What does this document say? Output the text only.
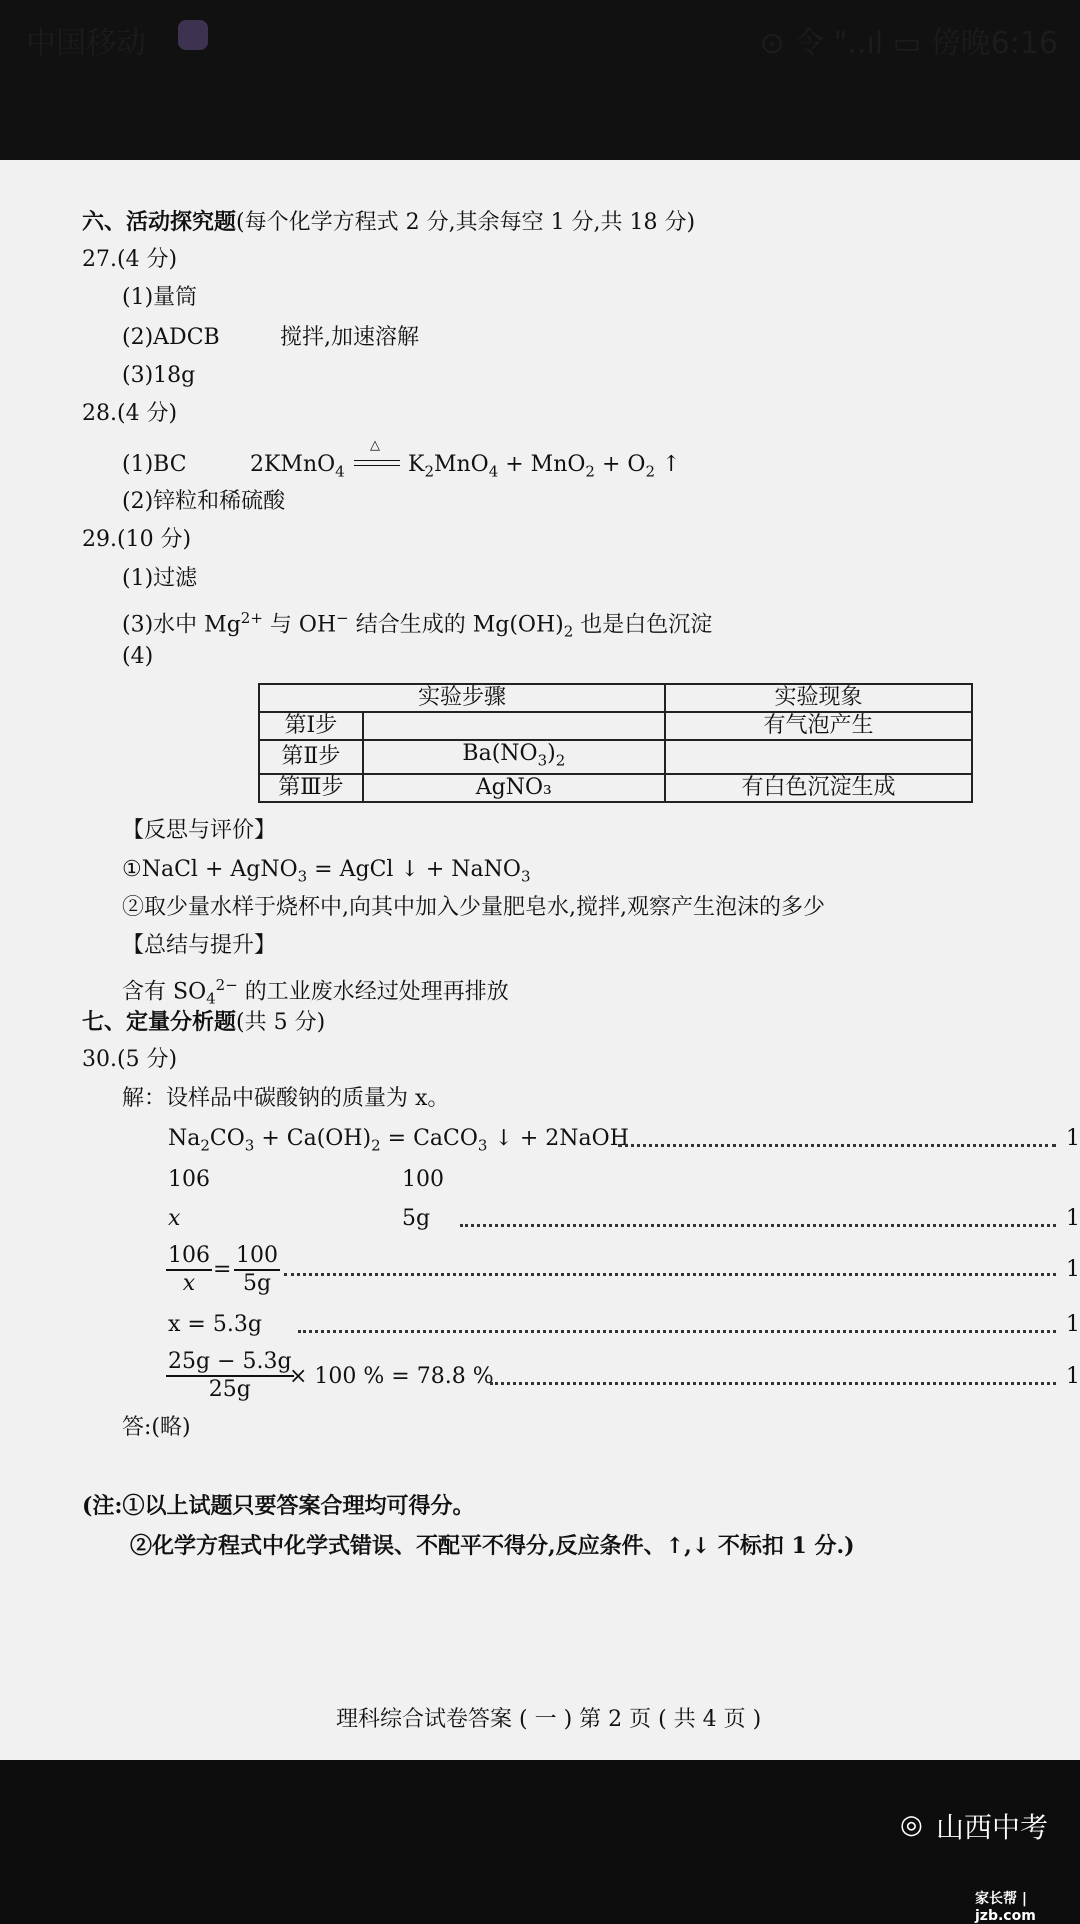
中国移动	⊙ 令 "..ıl ▭ 傍晚6:16
六、活动探究题(每个化学方程式 2 分,其余每空 1 分,共 18 分)
27.(4 分)
(1)量筒
(2)ADCB	搅拌,加速溶解
(3)18g
28.(4 分)
(1)BC	2KMnO$_4$
△
$K_2MnO_4 + MnO_2 + O_2$ ↑
(2)锌粒和稀硫酸
29.(10 分)
(1)过滤
(3)水中 $Mg^{2+}$ 与 OH− 结合生成的 $Mg(OH)_2$ 也是白色沉淀
(4)
实验步骤		实验现象
第Ⅰ步		有气泡产生
第Ⅱ步	$Ba(NO_3)_2$	
第Ⅲ步	AgNO₃	有白色沉淀生成
【反思与评价】
①NaCl + AgNO$_3$ = AgCl ↓ + NaNO$_3$
②取少量水样于烧杯中,向其中加入少量肥皂水,搅拌,观察产生泡沫的多少
【总结与提升】
含有 $SO_4^{2-}$ 的工业废水经过处理再排放
七、定量分析题(共 5 分)
30.(5 分)
解：设样品中碳酸钠的质量为 x。
$Na_2CO_3 + Ca(OH)_2$ = CaCO$_3$ ↓ + 2NaOH	1
106	100
x	5g	1
$\frac{106}{x} = \frac{100}{5g}$	1
x = 5.3g	1
$\frac{25g - 5.3g}{25g}$
× 100 % = 78.8 %	1
答:(略)
(注:①以上试题只要答案合理均可得分。
②化学方程式中化学式错误、不配平不得分,反应条件、↑,↓ 不标扣 1 分.)
理科综合试卷答案 ( 一 ) 第 2 页 ( 共 4 页 )
◎ 山西中考
家长帮 | jzb.com
